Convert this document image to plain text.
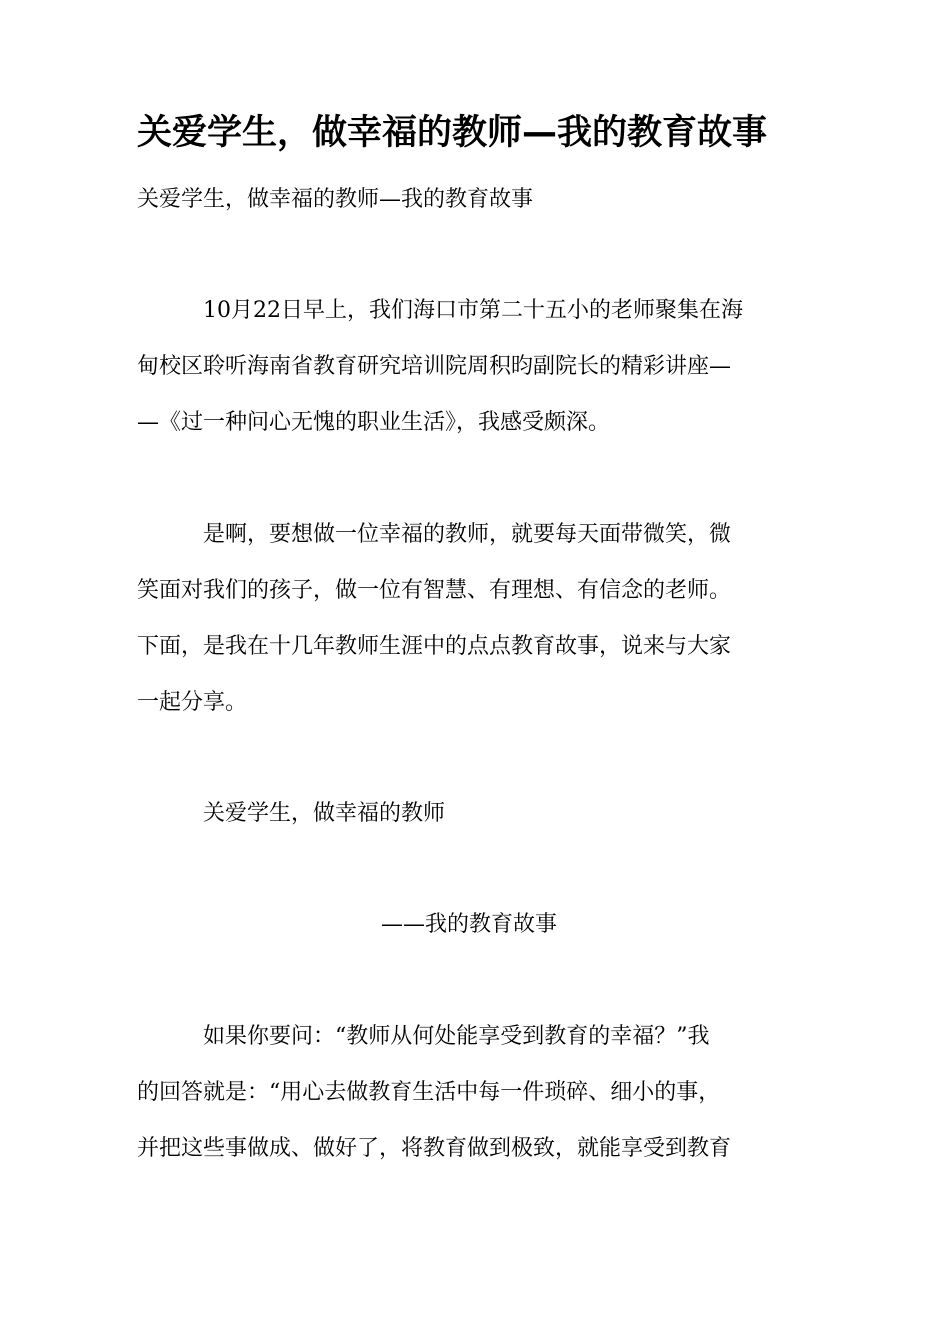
关爱学生，做幸福的教师—我的教育故事
关爱学生，做幸福的教师—我的教育故事
10月22日早上，我们海口市第二十五小的老师聚集在海
甸校区聆听海南省教育研究培训院周积昀副院长的精彩讲座—
—《过一种问心无愧的职业生活》，我感受颇深。
是啊，要想做一位幸福的教师，就要每天面带微笑，微
笑面对我们的孩子，做一位有智慧、有理想、有信念的老师。
下面，是我在十几年教师生涯中的点点教育故事，说来与大家
一起分享。
关爱学生，做幸福的教师
——我的教育故事
如果你要问：“教师从何处能享受到教育的幸福？”我
的回答就是：“用心去做教育生活中每一件琐碎、细小的事，
并把这些事做成、做好了，将教育做到极致，就能享受到教育
